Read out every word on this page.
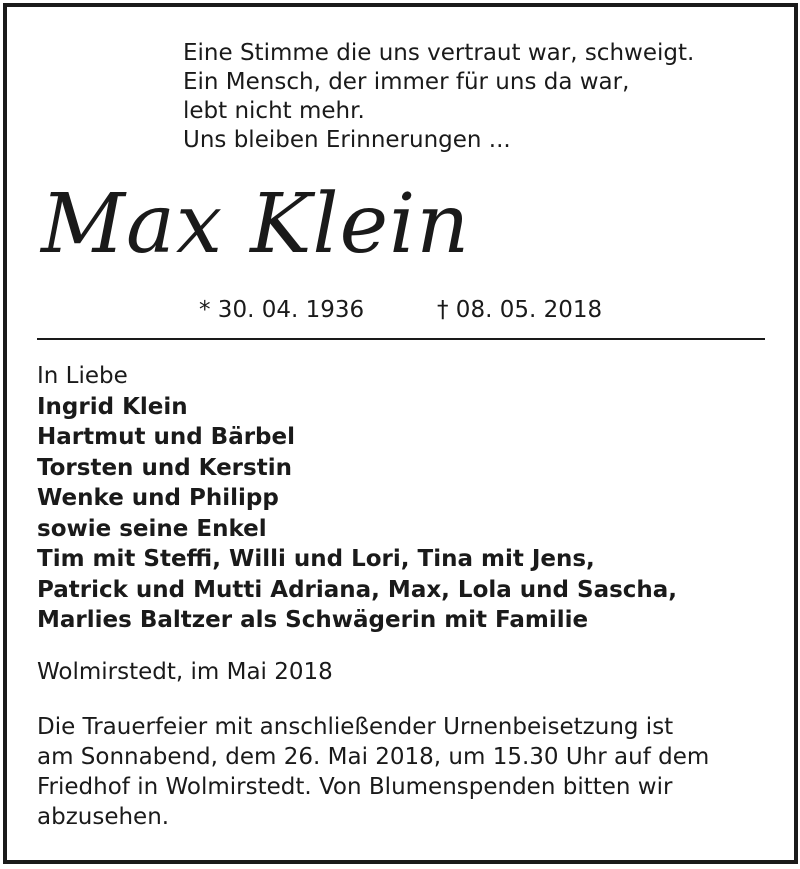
Eine Stimme die uns vertraut war, schweigt.
Ein Mensch, der immer für uns da war,
lebt nicht mehr.
Uns bleiben Erinnerungen ...
Max Klein
* 30. 04. 1936	† 08. 05. 2018
In Liebe
Ingrid Klein
Hartmut und Bärbel
Torsten und Kerstin
Wenke und Philipp
sowie seine Enkel
Tim mit Steffi, Willi und Lori, Tina mit Jens,
Patrick und Mutti Adriana, Max, Lola und Sascha,
Marlies Baltzer als Schwägerin mit Familie
Wolmirstedt, im Mai 2018
Die Trauerfeier mit anschließender Urnenbeisetzung ist
am Sonnabend, dem 26. Mai 2018, um 15.30 Uhr auf dem
Friedhof in Wolmirstedt. Von Blumenspenden bitten wir
abzusehen.
